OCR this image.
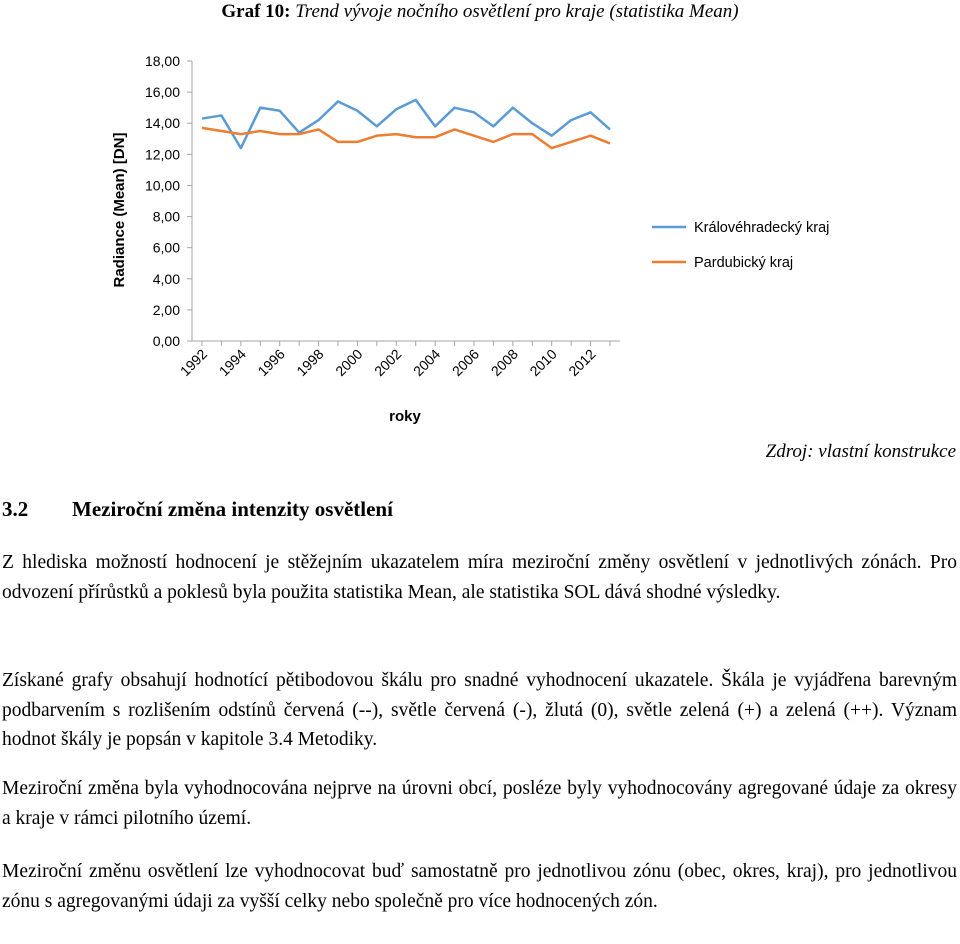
Graf 10: Trend vývoje nočního osvětlení pro kraje (statistika Mean)
0,00
2,00
4,00
6,00
8,00
10,00
12,00
14,00
16,00
18,00
1992 1994 1996 1998 2000 2002 2004 2006 2008 2010 2012
Královéhradecký kraj
Pardubický kraj
Radiance (Mean) [DN]
roky
Zdroj: vlastní konstrukce
3.2 Meziroční změna intenzity osvětlení
Z hlediska možností hodnocení je stěžejním ukazatelem míra meziroční změny osvětlení v jednotlivých zónách. Pro odvození přírůstků a poklesů byla použita statistika Mean, ale statistika SOL dává shodné výsledky.
Získané grafy obsahují hodnotící pětibodovou škálu pro snadné vyhodnocení ukazatele. Škála je vyjádřena barevným podbarvením s rozlišením odstínů červená (--), světle červená (-), žlutá (0), světle zelená (+) a zelená (++). Význam hodnot škály je popsán v kapitole 3.4 Metodiky.
Meziroční změna byla vyhodnocována nejprve na úrovni obcí, posléze byly vyhodnocovány agregované údaje za okresy a kraje v rámci pilotního území.
Meziroční změnu osvětlení lze vyhodnocovat buď samostatně pro jednotlivou zónu (obec, okres, kraj), pro jednotlivou zónu s agregovanými údaji za vyšší celky nebo společně pro více hodnocených zón.
